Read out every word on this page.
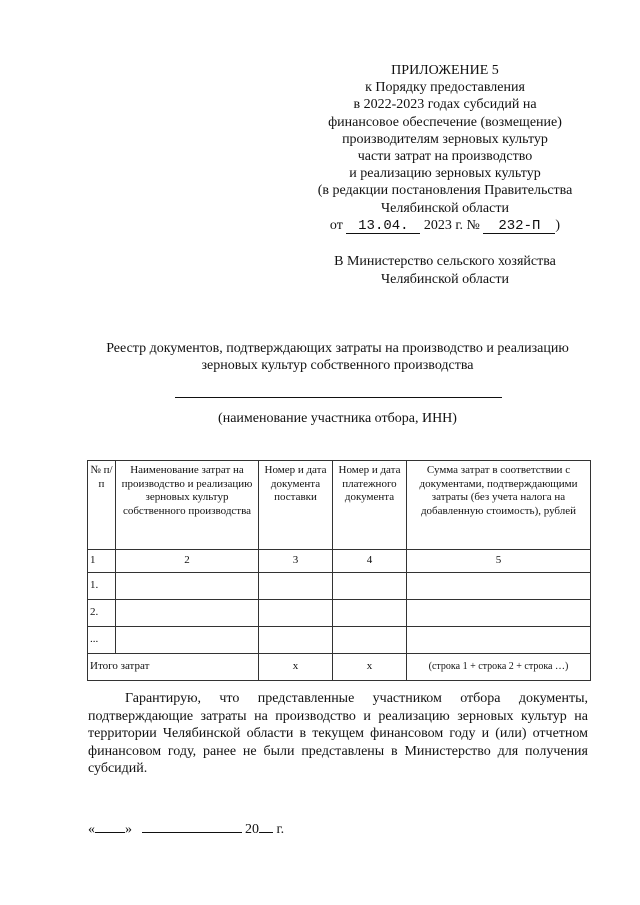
ПРИЛОЖЕНИЕ 5
к Порядку предоставления
в 2022-2023 годах субсидий на
финансовое обеспечение (возмещение)
производителям зерновых культур
части затрат на производство
и реализацию зерновых культур
(в редакции постановления Правительства
Челябинской области
от 13.04. 2023 г. № 232-П )
В Министерство сельского хозяйства
Челябинской области
Реестр документов, подтверждающих затраты на производство и реализацию
зерновых культур собственного производства
(наименование участника отбора, ИНН)
№ п/п	Наименование затрат на производство и реализацию зерновых культур собственного производства	Номер и дата документа поставки	Номер и дата платежного документа	Сумма затрат в соответствии с документами, подтверждающими затраты (без учета налога на добавленную стоимость), рублей
1	2	3	4	5
1.				
2.				
...				
Итого затрат		х	х	(строка 1 + строка 2 + строка …)
Гарантирую, что представленные участником отбора документы,
подтверждающие затраты на производство и реализацию зерновых культур на
территории Челябинской области в текущем финансовом году и (или) отчетном
финансовом году, ранее не были представлены в Министерство для получения
субсидий.
« »	20 г.
